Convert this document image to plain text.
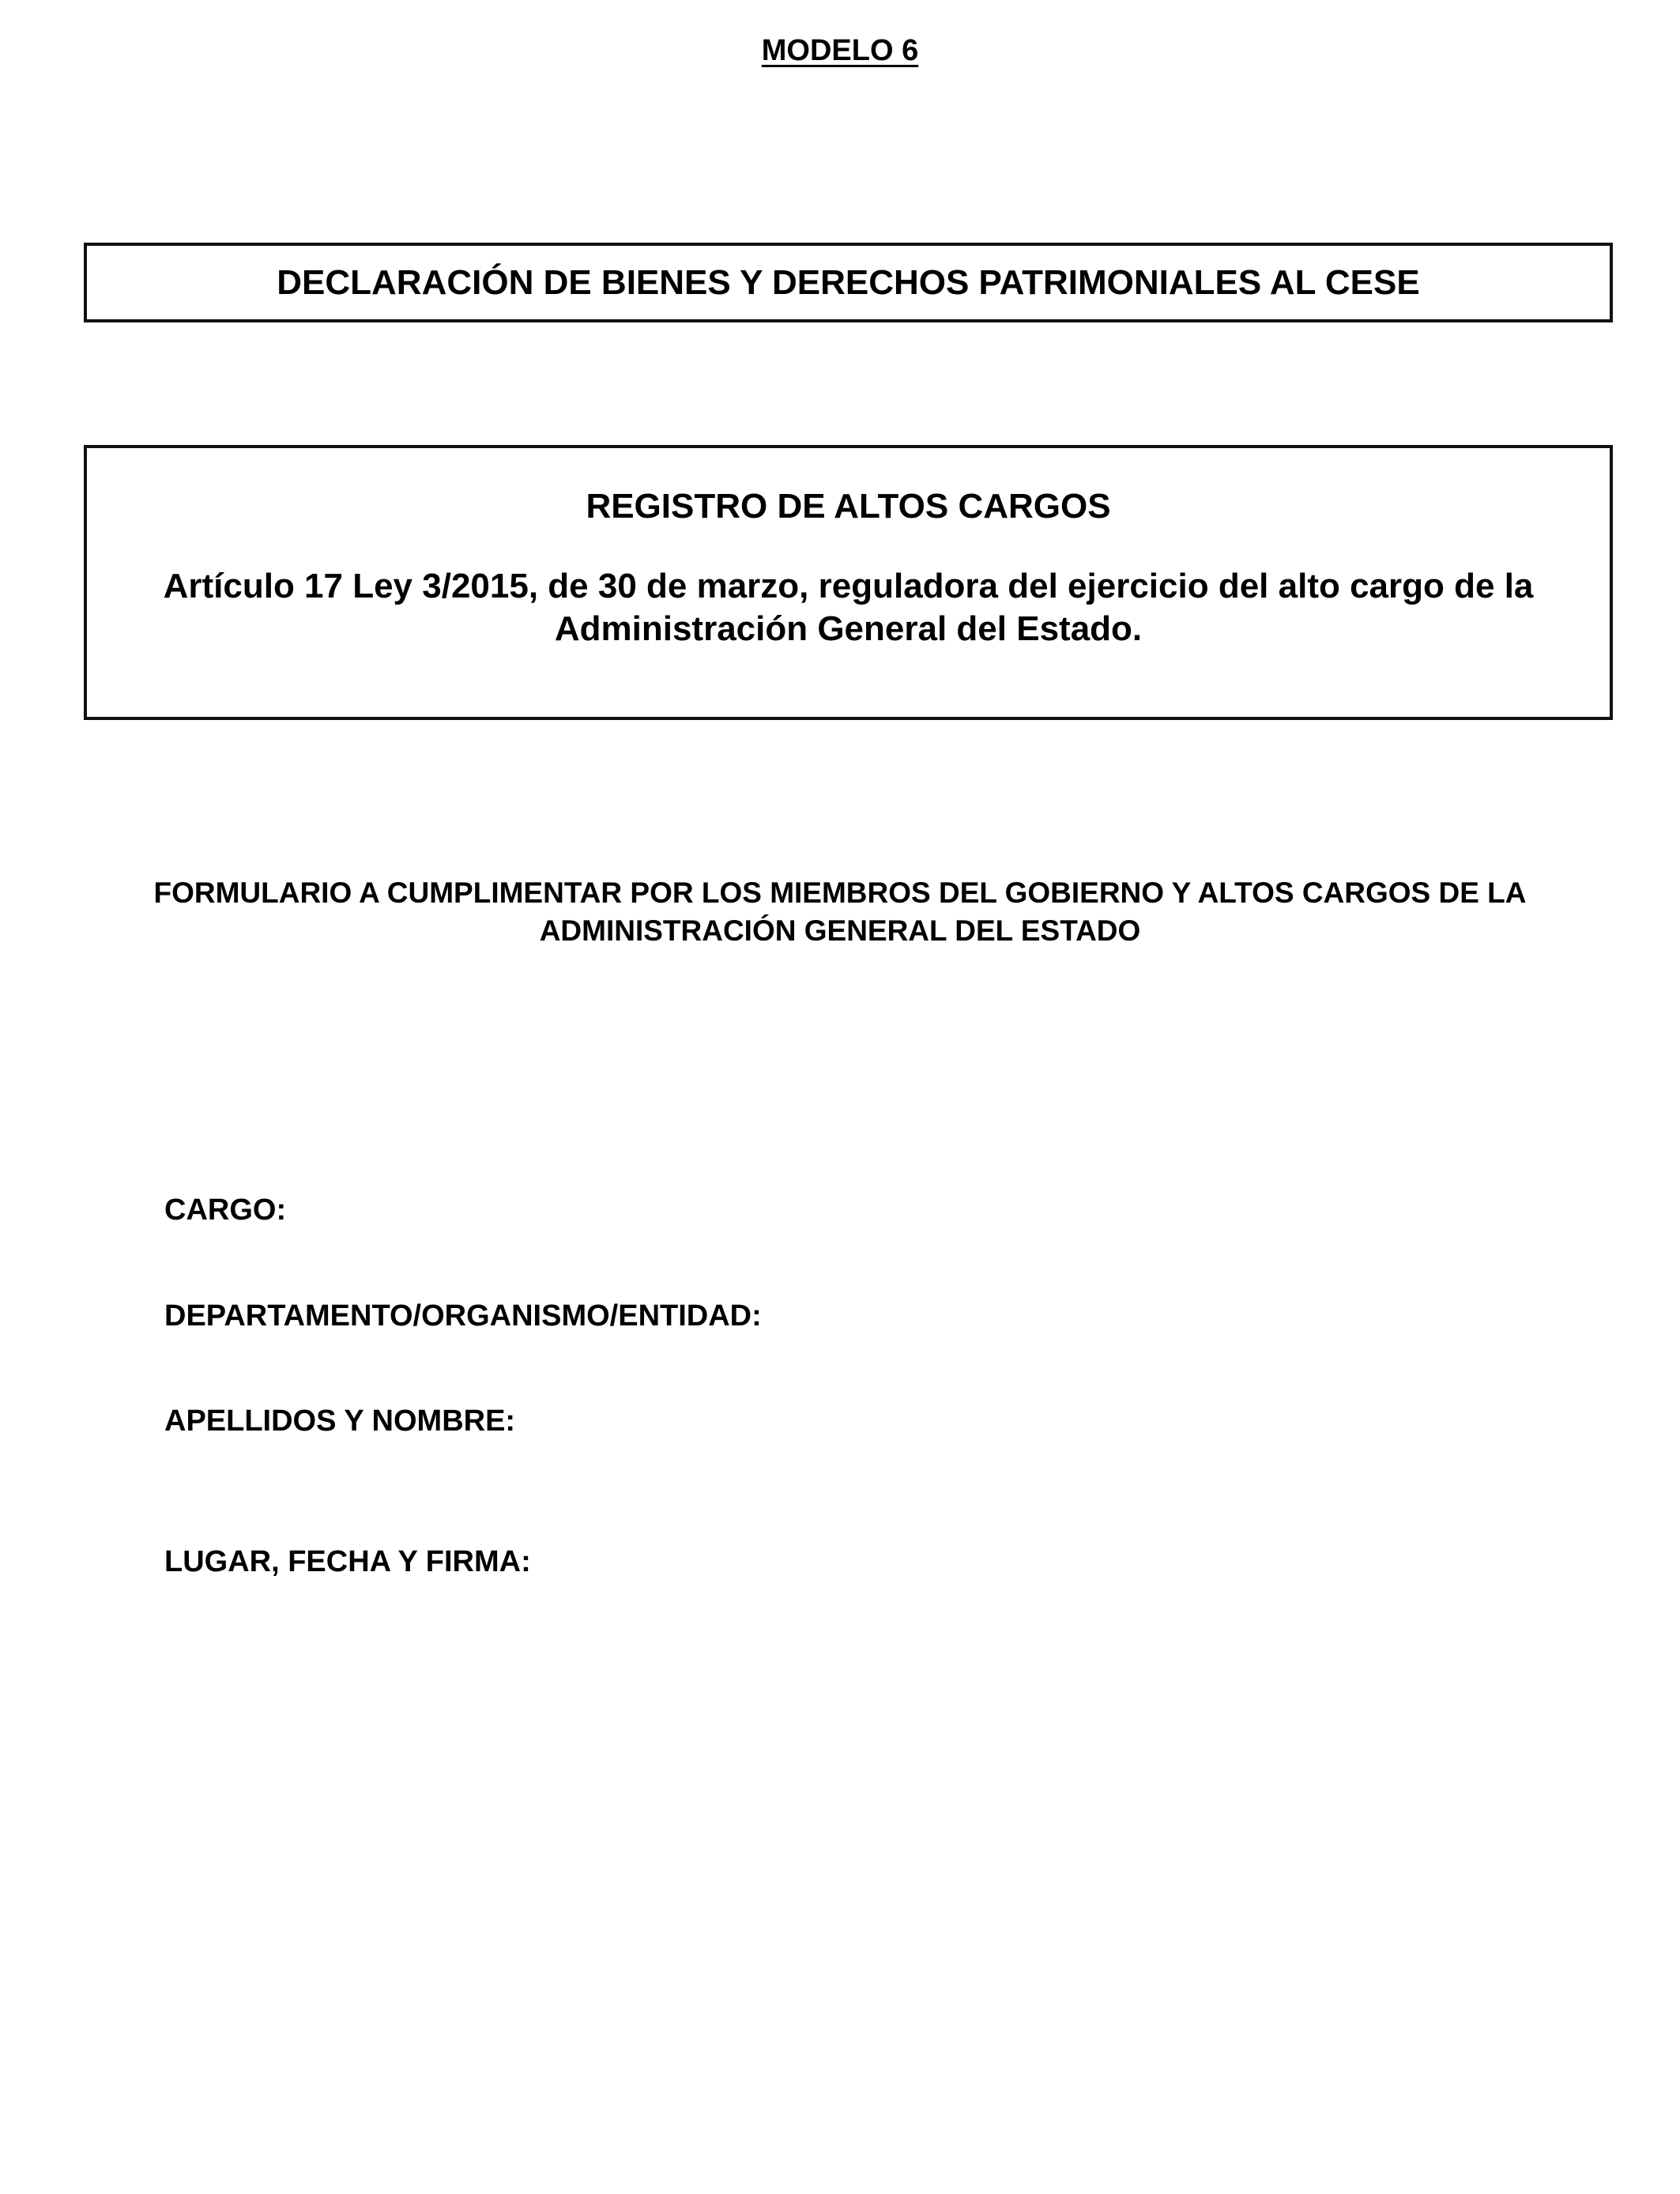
MODELO 6
DECLARACIÓN DE BIENES Y DERECHOS PATRIMONIALES AL CESE
REGISTRO DE ALTOS CARGOS
Artículo 17 Ley 3/2015, de 30 de marzo, reguladora del ejercicio del alto cargo de la
Administración General del Estado.
FORMULARIO A CUMPLIMENTAR POR LOS MIEMBROS DEL GOBIERNO Y ALTOS CARGOS DE LA
ADMINISTRACIÓN GENERAL DEL ESTADO
CARGO:
DEPARTAMENTO/ORGANISMO/ENTIDAD:
APELLIDOS Y NOMBRE:
LUGAR, FECHA Y FIRMA:
